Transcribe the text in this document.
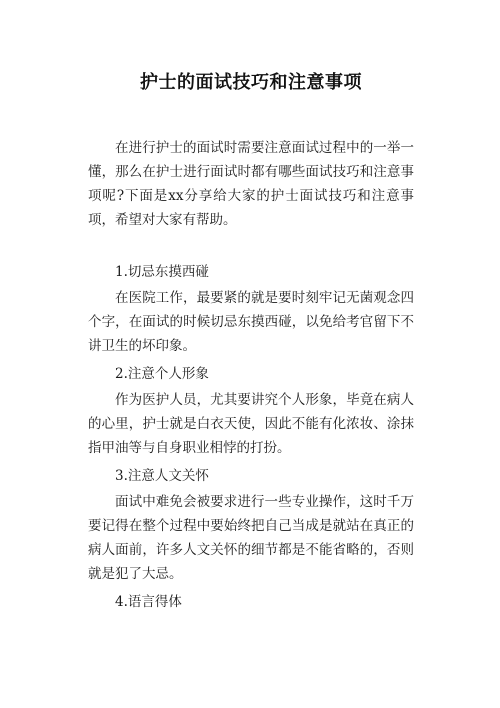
护士的面试技巧和注意事项

在进行护士的面试时需要注意面试过程中的一举一懂，那么在护士进行面试时都有哪些面试技巧和注意事项呢?下面是xx分享给大家的护士面试技巧和注意事项，希望对大家有帮助。

1.切忌东摸西碰

在医院工作，最要紧的就是要时刻牢记无菌观念四个字，在面试的时候切忌东摸西碰，以免给考官留下不讲卫生的坏印象。

2.注意个人形象

作为医护人员，尤其要讲究个人形象，毕竟在病人的心里，护士就是白衣天使，因此不能有化浓妆、涂抹指甲油等与自身职业相悖的打扮。

3.注意人文关怀

面试中难免会被要求进行一些专业操作，这时千万要记得在整个过程中要始终把自己当成是就站在真正的病人面前，许多人文关怀的细节都是不能省略的，否则就是犯了大忌。

4.语言得体
